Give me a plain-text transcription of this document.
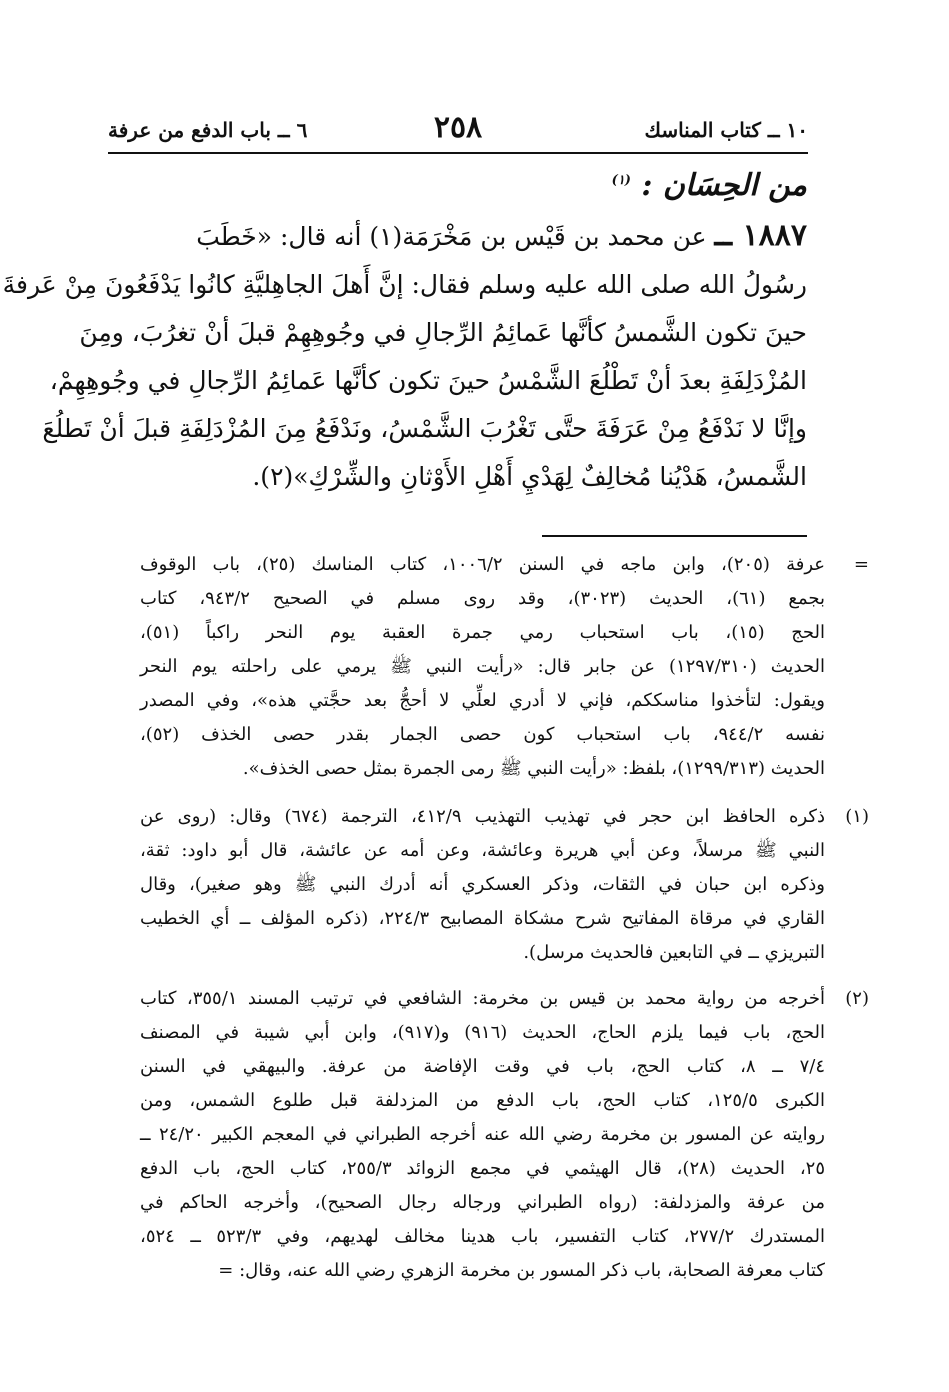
١٠ ــ كتاب المناسك
٢٥٨
٦ ــ باب الدفع من عرفة
من الحِسَان : $^{(١)}$
١٨٨٧ ــ عن محمد بن قَيْس بن مَخْرَمَة(١) أنه قال: «خَطَبَ
رسُولُ الله صلى الله عليه وسلم فقال: إنَّ أَهلَ الجاهِليَّةِ كانُوا يَدْفَعُونَ مِنْ عَرفةَ
حينَ تكون الشَّمسُ كأنَّها عَمائِمُ الرِّجالِ في وجُوهِهِمْ قبلَ أنْ تغرُبَ، ومِنَ
المُزْدَلِفَةِ بعدَ أنْ تَطْلُعَ الشَّمْسُ حينَ تكون كأنَّها عَمائِمُ الرِّجالِ في وجُوهِهِمْ،
وإنَّا لا نَدْفَعُ مِنْ عَرَفَةَ حتَّى تَغْرُبَ الشَّمْسُ، ونَدْفَعُ مِنَ المُزْدَلِفَةِ قبلَ أنْ تَطلُعَ
الشَّمسُ، هَدْيُنا مُخالِفٌ لِهَدْيِ أَهْلِ الأَوْثانِ والشِّرْكِ»(٢).
=
عرفة (٢٠٥)، وابن ماجه في السنن ١٠٠٦/٢، كتاب المناسك (٢٥)، باب الوقوف
بجمع (٦١)، الحديث (٣٠٢٣)، وقد روى مسلم في الصحيح ٩٤٣/٢، كتاب
الحج (١٥)، باب استحباب رمي جمرة العقبة يوم النحر راكباً (٥١)،
الحديث (١٢٩٧/٣١٠) عن جابر قال: «رأيت النبي ﷺ يرمي على راحلته يوم النحر
ويقول: لتأخذوا مناسككم، فإني لا أدري لعلِّي لا أحجُّ بعد حجَّتي هذه»، وفي المصدر
نفسه ٩٤٤/٢، باب استحباب كون حصى الجمار بقدر حصى الخذف (٥٢)،
الحديث (١٢٩٩/٣١٣)، بلفظ: «رأيت النبي ﷺ رمى الجمرة بمثل حصى الخذف».
(١)
ذكره الحافظ ابن حجر في تهذيب التهذيب ٤١٢/٩، الترجمة (٦٧٤) وقال: (روى عن
النبي ﷺ مرسلاً، وعن أبي هريرة وعائشة، وعن أمه عن عائشة، قال أبو داود: ثقة،
وذكره ابن حبان في الثقات، وذكر العسكري أنه أدرك النبي ﷺ وهو صغير)، وقال
القاري في مرقاة المفاتيح شرح مشكاة المصابيح ٢٢٤/٣، (ذكره المؤلف ــ أي الخطيب
التبريزي ــ في التابعين فالحديث مرسل).
(٢)
أخرجه من رواية محمد بن قيس بن مخرمة: الشافعي في ترتيب المسند ٣٥٥/١، كتاب
الحج، باب فيما يلزم الحاج، الحديث (٩١٦) و(٩١٧)، وابن أبي شيبة في المصنف
٧/٤ ــ ٨، كتاب الحج، باب في وقت الإفاضة من عرفة. والبيهقي في السنن
الكبرى ١٢٥/٥، كتاب الحج، باب الدفع من المزدلفة قبل طلوع الشمس، ومن
روايته عن المسور بن مخرمة رضي الله عنه أخرجه الطبراني في المعجم الكبير ٢٤/٢٠ ــ
٢٥، الحديث (٢٨)، قال الهيثمي في مجمع الزوائد ٢٥٥/٣، كتاب الحج، باب الدفع
من عرفة والمزدلفة: (رواه الطبراني ورجاله رجال الصحيح)، وأخرجه الحاكم في
المستدرك ٢٧٧/٢، كتاب التفسير، باب هدينا مخالف لهديهم، وفي ٥٢٣/٣ ــ ٥٢٤،
كتاب معرفة الصحابة، باب ذكر المسور بن مخرمة الزهري رضي الله عنه، وقال: =
